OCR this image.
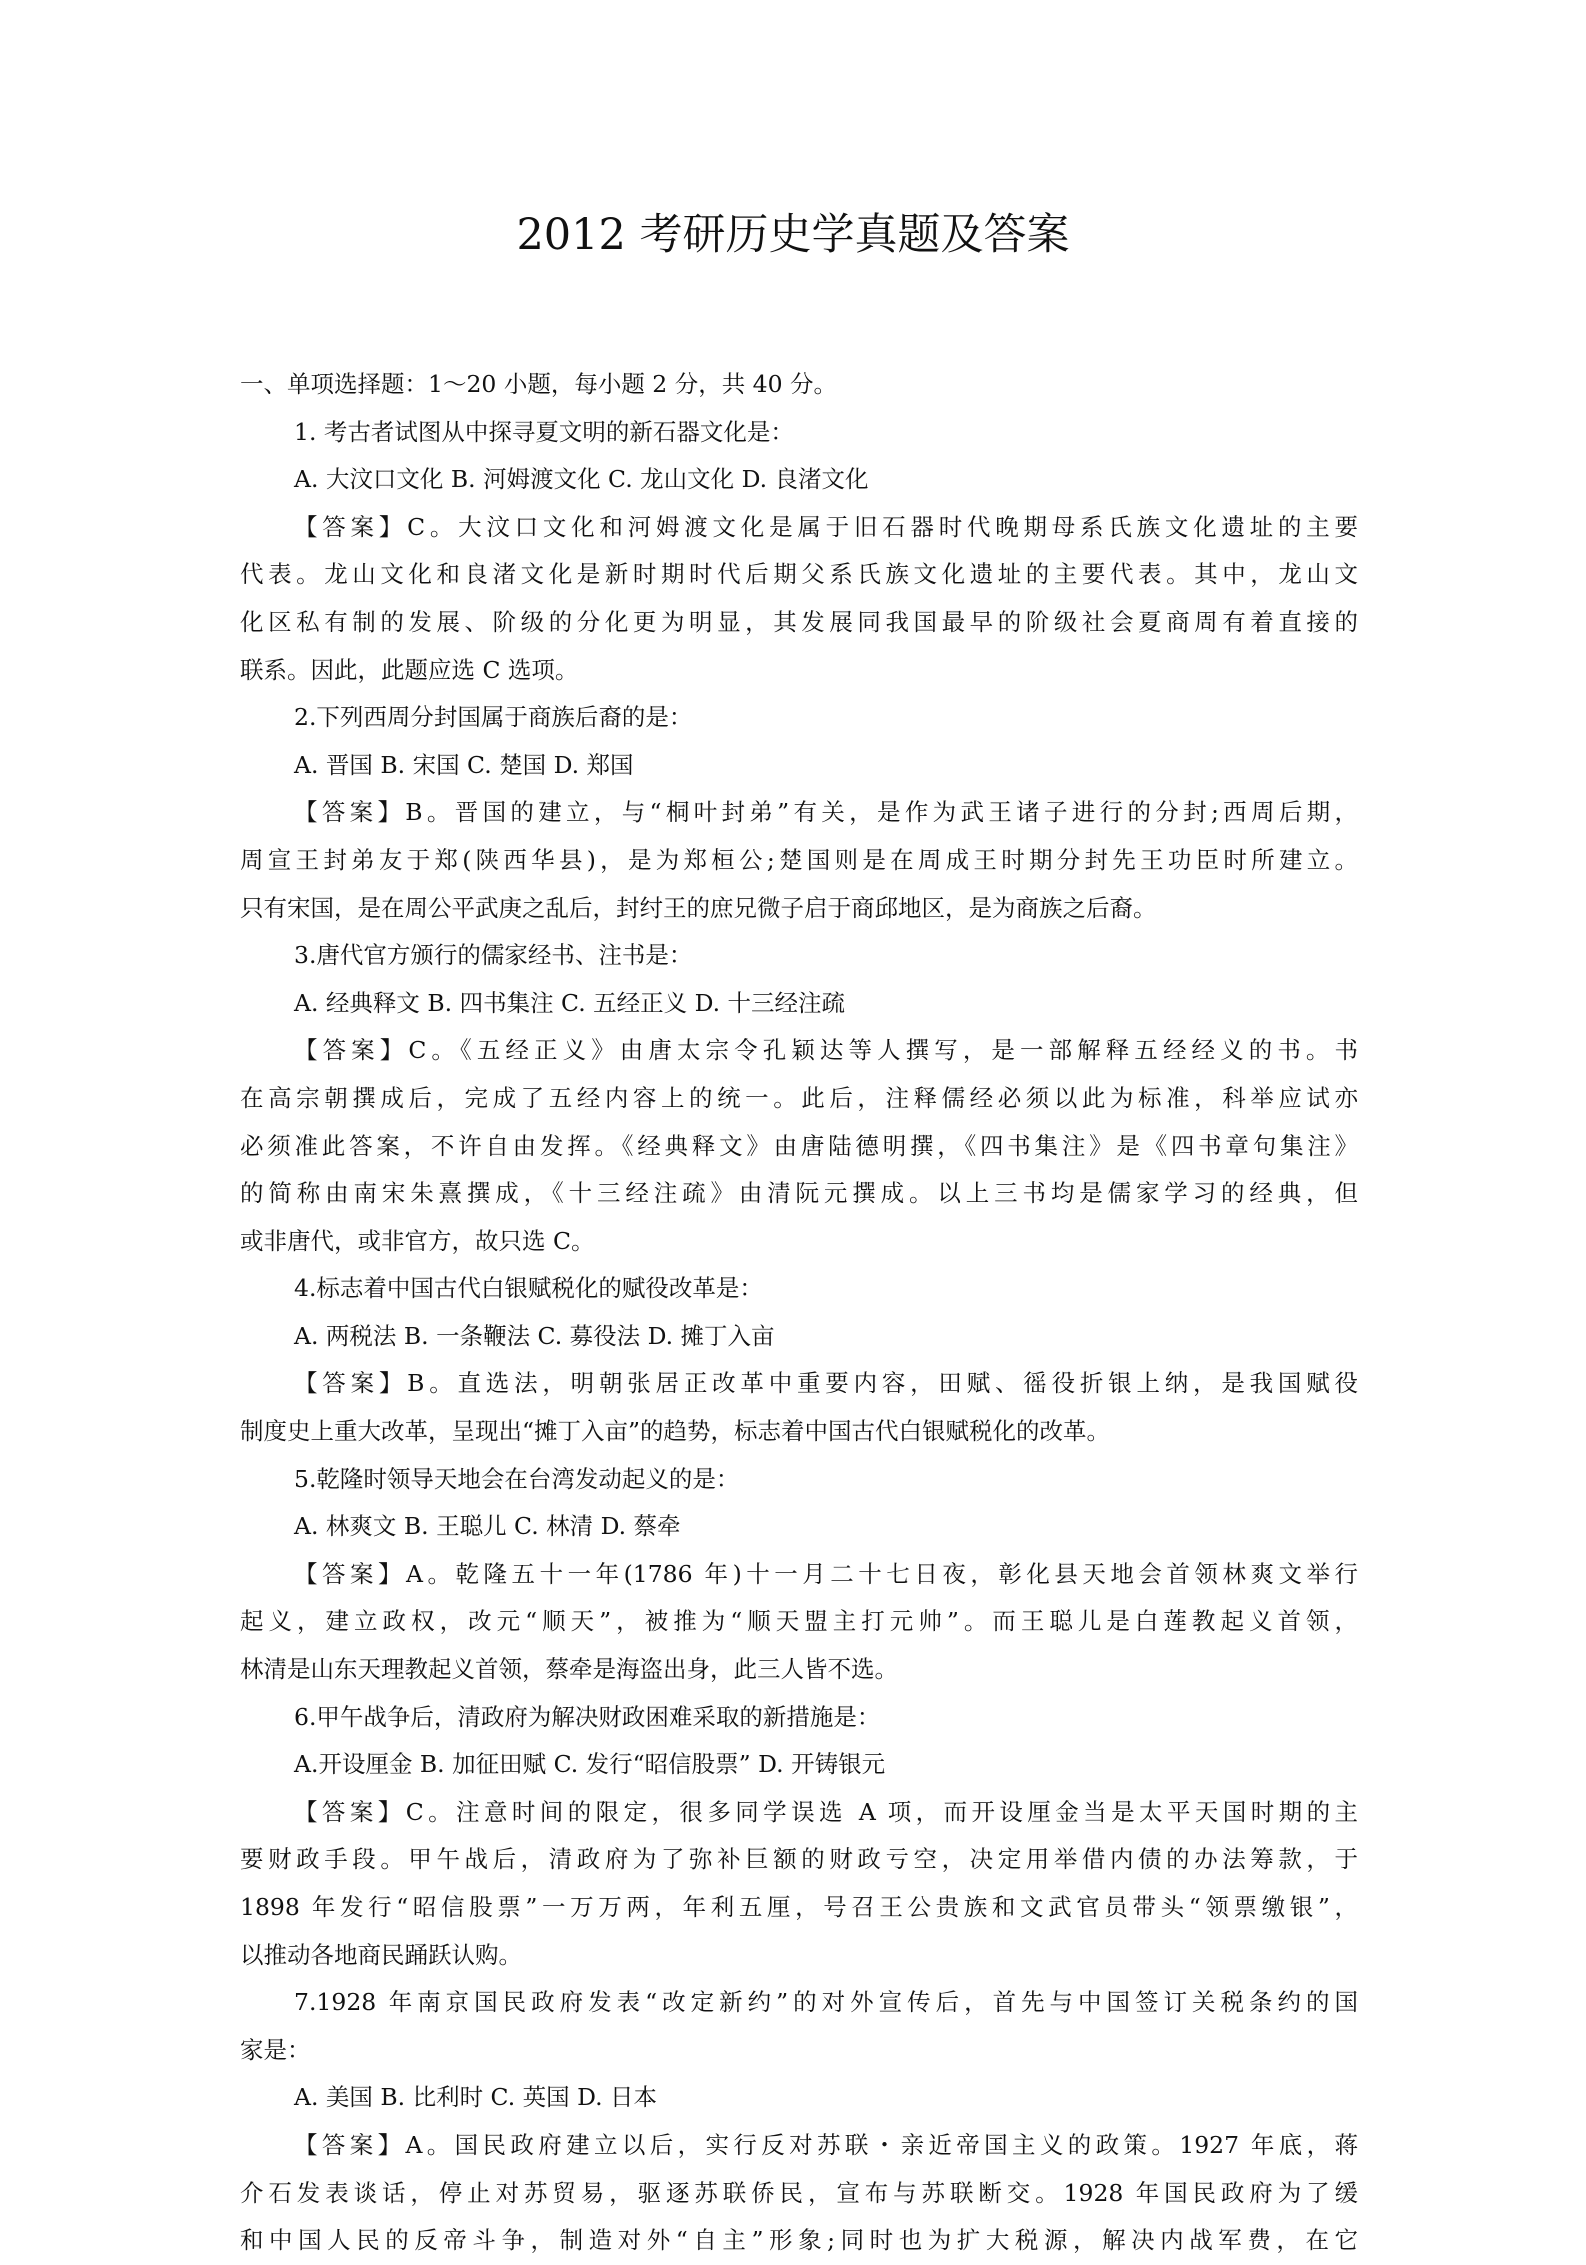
2012 考研历史学真题及答案
一、单项选择题：1～20 小题，每小题 2 分，共 40 分。
1. 考古者试图从中探寻夏文明的新石器文化是：
A. 大汶口文化 B. 河姆渡文化 C. 龙山文化 D. 良渚文化
【答案】C。大汶口文化和河姆渡文化是属于旧石器时代晚期母系氏族文化遗址的主要
代表。龙山文化和良渚文化是新时期时代后期父系氏族文化遗址的主要代表。其中，龙山文
化区私有制的发展、阶级的分化更为明显，其发展同我国最早的阶级社会夏商周有着直接的
联系。因此，此题应选 C 选项。
2.下列西周分封国属于商族后裔的是：
A. 晋国 B. 宋国 C. 楚国 D. 郑国
【答案】B。晋国的建立，与“桐叶封弟”有关，是作为武王诸子进行的分封;西周后期，
周宣王封弟友于郑(陕西华县)，是为郑桓公;楚国则是在周成王时期分封先王功臣时所建立。
只有宋国，是在周公平武庚之乱后，封纣王的庶兄微子启于商邱地区，是为商族之后裔。
3.唐代官方颁行的儒家经书、注书是：
A. 经典释文 B. 四书集注 C. 五经正义 D. 十三经注疏
【答案】C。《五经正义》由唐太宗令孔颖达等人撰写，是一部解释五经经义的书。书
在高宗朝撰成后，完成了五经内容上的统一。此后，注释儒经必须以此为标准，科举应试亦
必须准此答案，不许自由发挥。《经典释文》由唐陆德明撰，《四书集注》是《四书章句集注》
的简称由南宋朱熹撰成，《十三经注疏》由清阮元撰成。以上三书均是儒家学习的经典，但
或非唐代，或非官方，故只选 C。
4.标志着中国古代白银赋税化的赋役改革是：
A. 两税法 B. 一条鞭法 C. 募役法 D. 摊丁入亩
【答案】B。直选法，明朝张居正改革中重要内容，田赋、徭役折银上纳，是我国赋役
制度史上重大改革，呈现出“摊丁入亩”的趋势，标志着中国古代白银赋税化的改革。
5.乾隆时领导天地会在台湾发动起义的是：
A. 林爽文 B. 王聪儿 C. 林清 D. 蔡牵
【答案】A。乾隆五十一年(1786 年)十一月二十七日夜，彰化县天地会首领林爽文举行
起义，建立政权，改元“顺天”，被推为“顺天盟主打元帅”。而王聪儿是白莲教起义首领，
林清是山东天理教起义首领，蔡牵是海盗出身，此三人皆不选。
6.甲午战争后，清政府为解决财政困难采取的新措施是：
A.开设厘金 B. 加征田赋 C. 发行“昭信股票” D. 开铸银元
【答案】C。注意时间的限定，很多同学误选 A 项，而开设厘金当是太平天国时期的主
要财政手段。甲午战后，清政府为了弥补巨额的财政亏空，决定用举借内债的办法筹款，于
1898 年发行“昭信股票”一万万两，年利五厘，号召王公贵族和文武官员带头“领票缴银”，
以推动各地商民踊跃认购。
7.1928 年南京国民政府发表“改定新约”的对外宣传后，首先与中国签订关税条约的国
家是：
A. 美国 B. 比利时 C. 英国 D. 日本
【答案】A。国民政府建立以后，实行反对苏联・亲近帝国主义的政策。1927 年底，蒋
介石发表谈话，停止对苏贸易，驱逐苏联侨民，宣布与苏联断交。1928 年国民政府为了缓
和中国人民的反帝斗争，制造对外“自主”形象;同时也为扩大税源，解决内战军费，在它
